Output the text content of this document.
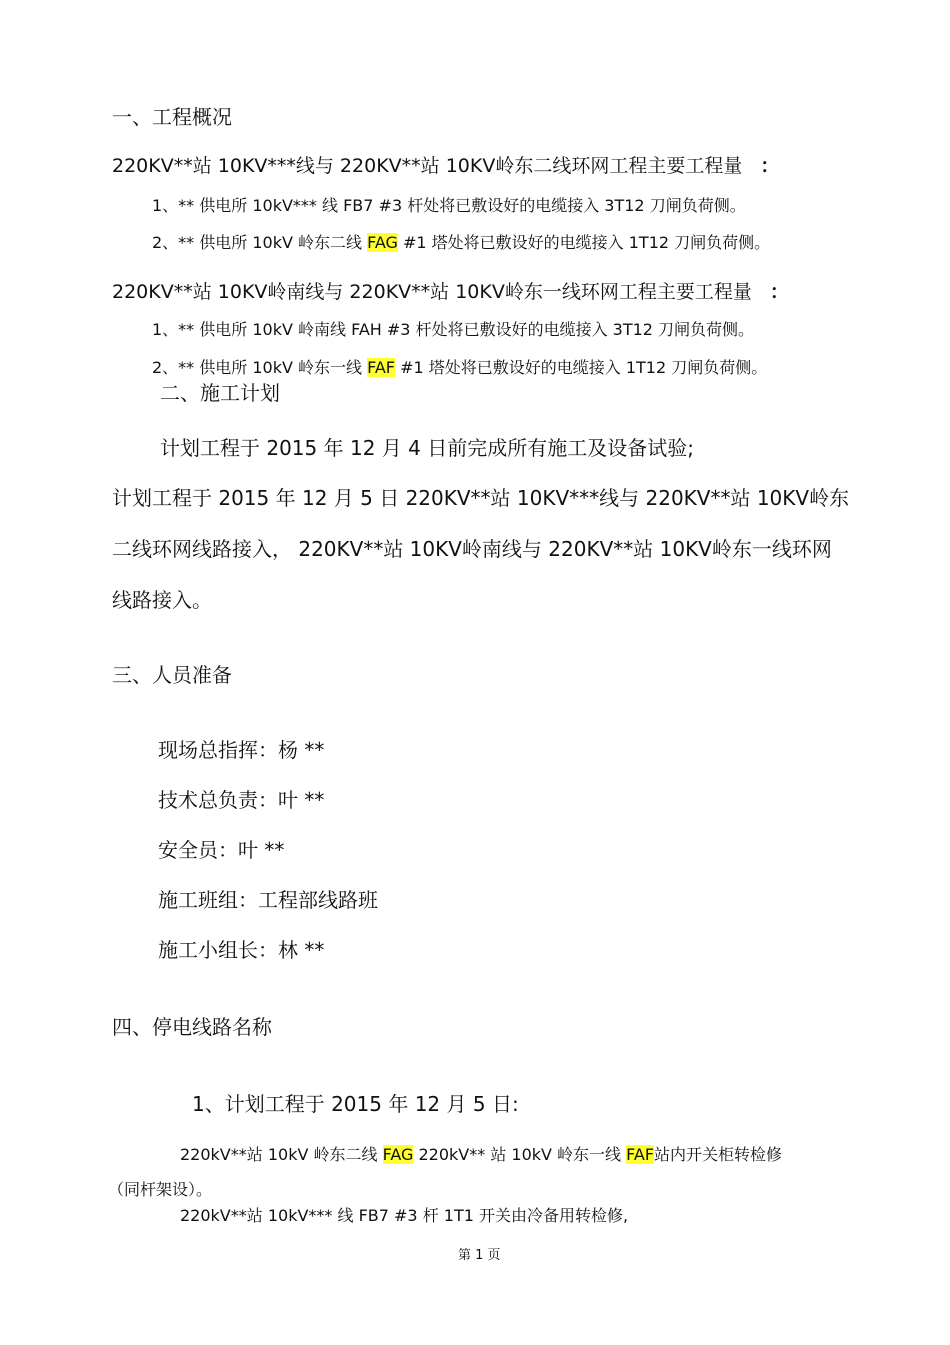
一、工程概况
220KV**站 10KV***线与 220KV**站 10KV岭东二线环网工程主要工程量 ：
1、** 供电所 10kV*** 线 FB7 #3 杆处将已敷设好的电缆接入 3T12 刀闸负荷侧。
2、** 供电所 10kV 岭东二线 FAG #1 塔处将已敷设好的电缆接入 1T12 刀闸负荷侧。
220KV**站 10KV岭南线与 220KV**站 10KV岭东一线环网工程主要工程量 ：
1、** 供电所 10kV 岭南线 FAH #3 杆处将已敷设好的电缆接入 3T12 刀闸负荷侧。
2、** 供电所 10kV 岭东一线 FAF #1 塔处将已敷设好的电缆接入 1T12 刀闸负荷侧。
二、施工计划
计划工程于 2015 年 12 月 4 日前完成所有施工及设备试验;
计划工程于 2015 年 12 月 5 日 220KV**站 10KV***线与 220KV**站 10KV岭东
二线环网线路接入， 220KV**站 10KV岭南线与 220KV**站 10KV岭东一线环网
线路接入。
三、人员准备
现场总指挥：杨 **
技术总负责：叶 **
安全员：叶 **
施工班组：工程部线路班
施工小组长：林 **
四、停电线路名称
1、计划工程于 2015 年 12 月 5 日:
220kV**站 10kV 岭东二线 FAG 220kV** 站 10kV 岭东一线 FAF站内开关柜转检修
（同杆架设）。
220kV**站 10kV*** 线 FB7 #3 杆 1T1 开关由冷备用转检修,
第 1 页
